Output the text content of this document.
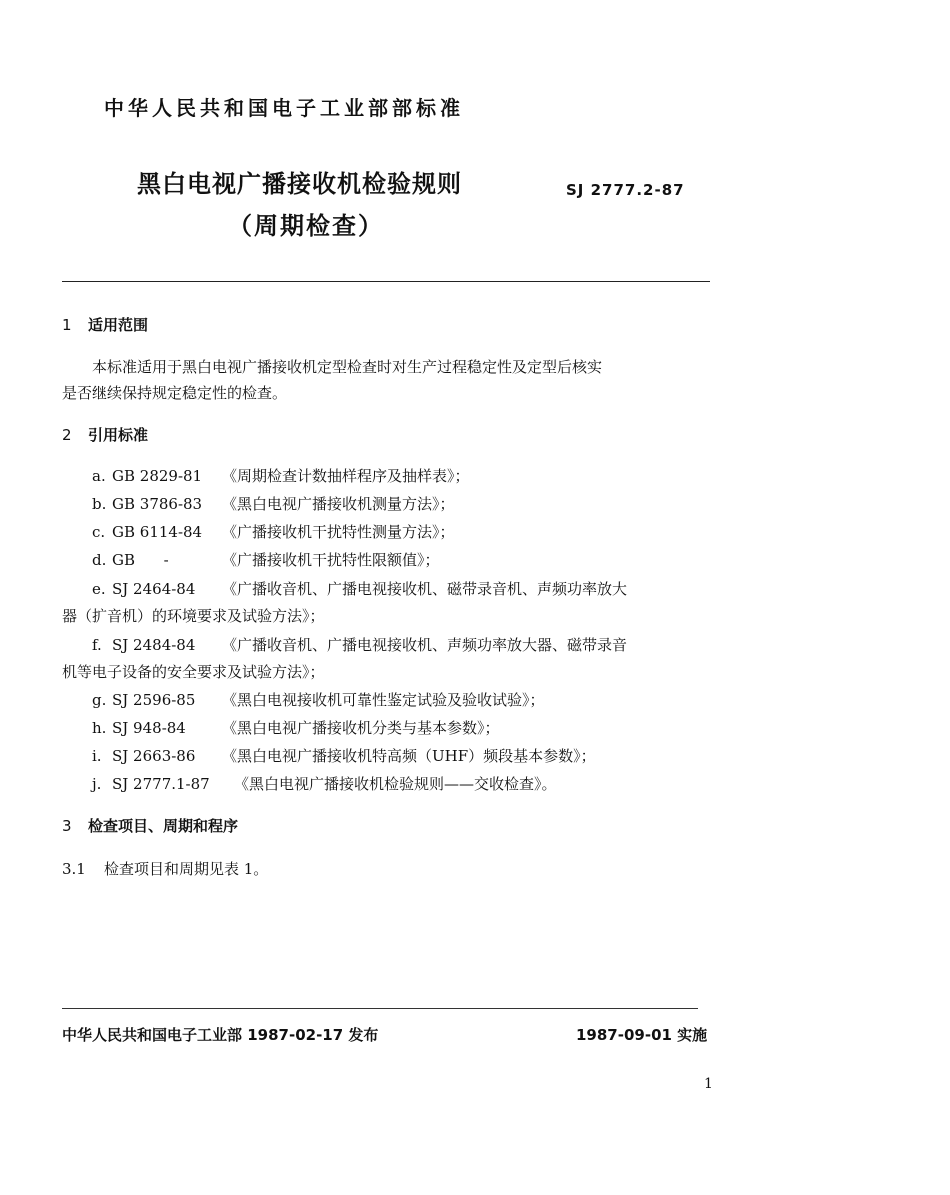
中华人民共和国电子工业部部标准
黑白电视广播接收机检验规则
（周期检查）
SJ 2777.2-87
1 适用范围
本标准适用于黑白电视广播接收机定型检查时对生产过程稳定性及定型后核实
是否继续保持规定稳定性的检查。
2 引用标准
a. GB 2829-81 《周期检查计数抽样程序及抽样表》；
b. GB 3786-83 《黑白电视广播接收机测量方法》；
c. GB 6114-84 《广播接收机干扰特性测量方法》；
d. GB      -	《广播接收机干扰特性限额值》；
e. SJ 2464-84 《广播收音机、广播电视接收机、磁带录音机、声频功率放大
器（扩音机）的环境要求及试验方法》；
f. SJ 2484-84 《广播收音机、广播电视接收机、声频功率放大器、磁带录音
机等电子设备的安全要求及试验方法》；
g. SJ 2596-85 《黑白电视接收机可靠性鉴定试验及验收试验》；
h. SJ 948-84 《黑白电视广播接收机分类与基本参数》；
i. SJ 2663-86 《黑白电视广播接收机特高频（UHF）频段基本参数》；
j. SJ 2777.1-87 《黑白电视广播接收机检验规则——交收检查》。
3 检查项目、周期和程序
3.1 检查项目和周期见表 1。
中华人民共和国电子工业部 1987-02-17 发布	1987-09-01 实施
1
